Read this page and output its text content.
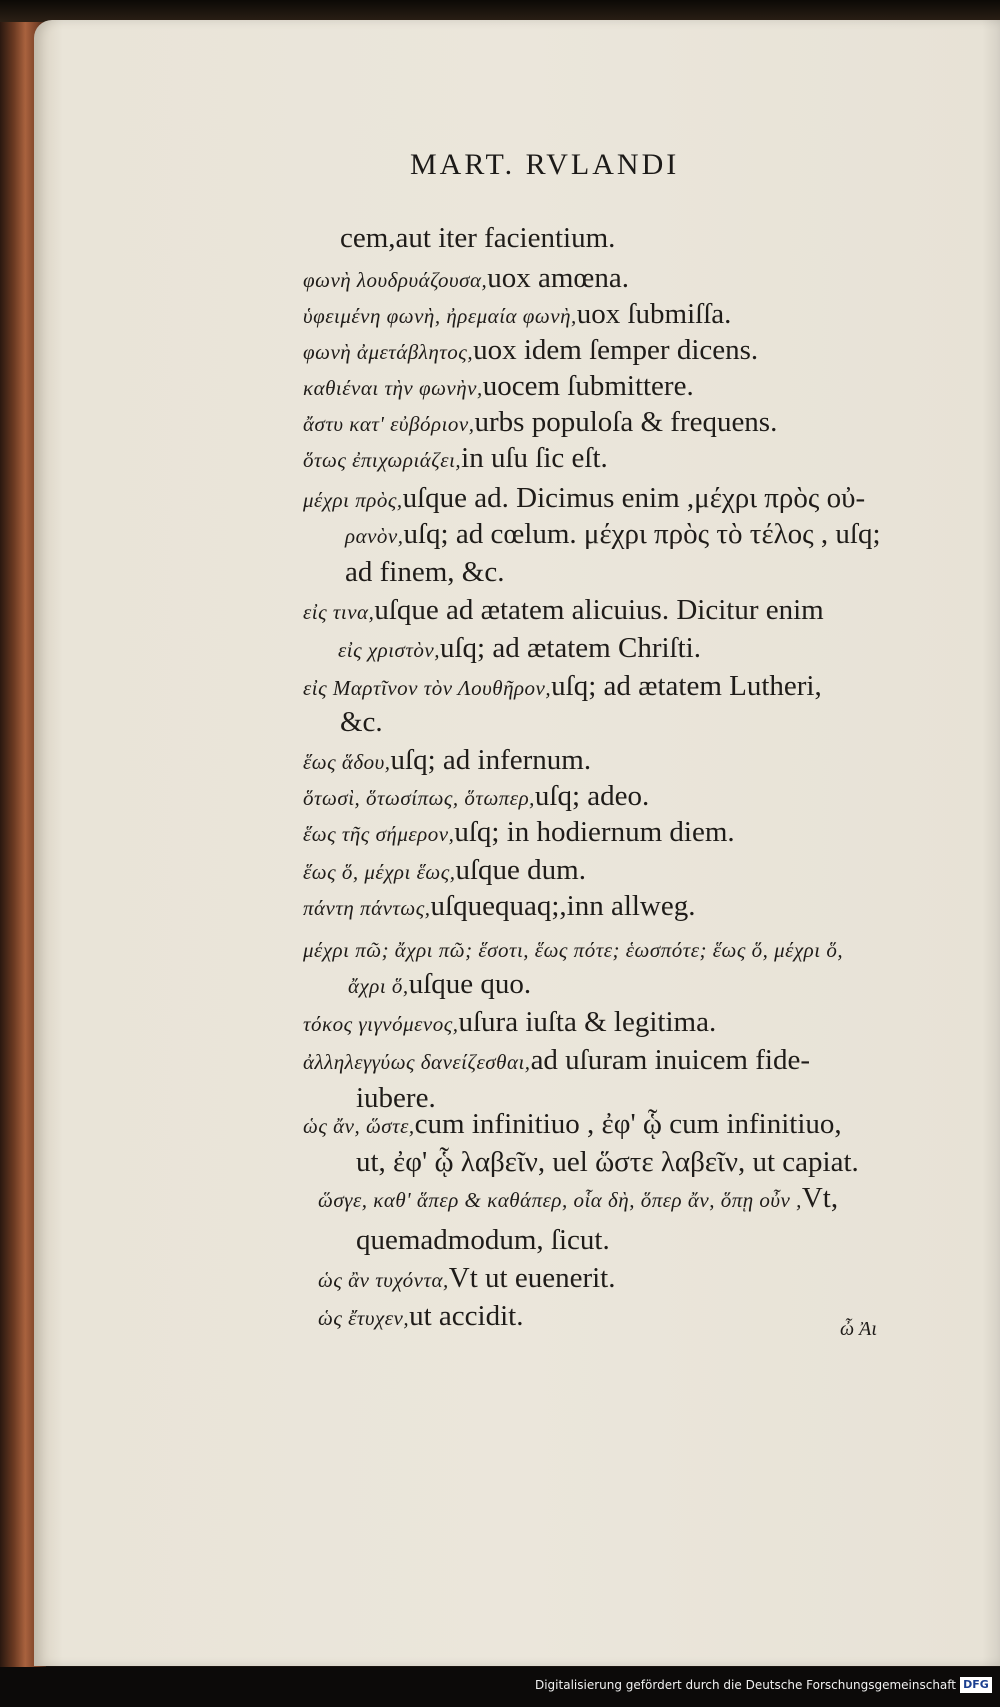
MART. RVLANDI
cem,aut iter facientium.
φωνὴ λουδρυάζουσα,uox amœna.
ὑφειμένη φωνὴ, ἠρεμαία φωνὴ,uox ſubmiſſa.
φωνὴ ἀμετάβλητος,uox idem ſemper dicens.
καθιέναι τὴν φωνὴν,uocem ſubmittere.
ἄστυ κατ' εὐβόριον,urbs populoſa & frequens.
ὅτως ἐπιχωριάζει,in uſu ſic eſt.
μέχρι πρὸς,uſque ad. Dicimus enim ,μέχρι πρὸς οὐ-
ρανὸν,uſq; ad cœlum. μέχρι πρὸς τὸ τέλος , uſq;
ad finem, &c.
εἰς τινα,uſque ad ætatem alicuius. Dicitur enim
εἰς χριστὸν,uſq; ad ætatem Chriſti.
εἰς Μαρτῖνον τὸν Λουθῆρον,uſq; ad ætatem Lutheri,
&c.
ἕως ἅδου,uſq; ad infernum.
ὅτωσὶ, ὅτωσίπως, ὅτωπερ,uſq; adeo.
ἕως τῆς σήμερον,uſq; in hodiernum diem.
ἕως ὅ, μέχρι ἕως,uſque dum.
πάντη πάντως,uſquequaq;,inn allweg.
μέχρι πῶ; ἄχρι πῶ; ἕσοτι, ἕως πότε; ἑωσπότε; ἕως ὅ, μέχρι ὅ,
ἄχρι ὅ,uſque quo.
τόκος γιγνόμενος,uſura iuſta & legitima.
ἀλληλεγγύως δανείζεσθαι,ad uſuram inuicem fide-
iubere.
ὡς ἄν, ὥστε,cum infinitiuo , ἐφ' ᾧ cum infinitiuo,
ut, ἐφ' ᾧ λαβεῖν, uel ὥστε λαβεῖν, ut capiat.
ὥσγε, καθ' ἅπερ & καθάπερ, οἷα δὴ, ὅπερ ἄν, ὅπῃ οὖν ,Vt,
quemadmodum, ſicut.
ὡς ἂν τυχόντα,Vt ut euenerit.
ὡς ἔτυχεν,ut accidit.	ὦ Ἀι
Digitalisierung gefördert durch die Deutsche Forschungsgemeinschaft DFG
